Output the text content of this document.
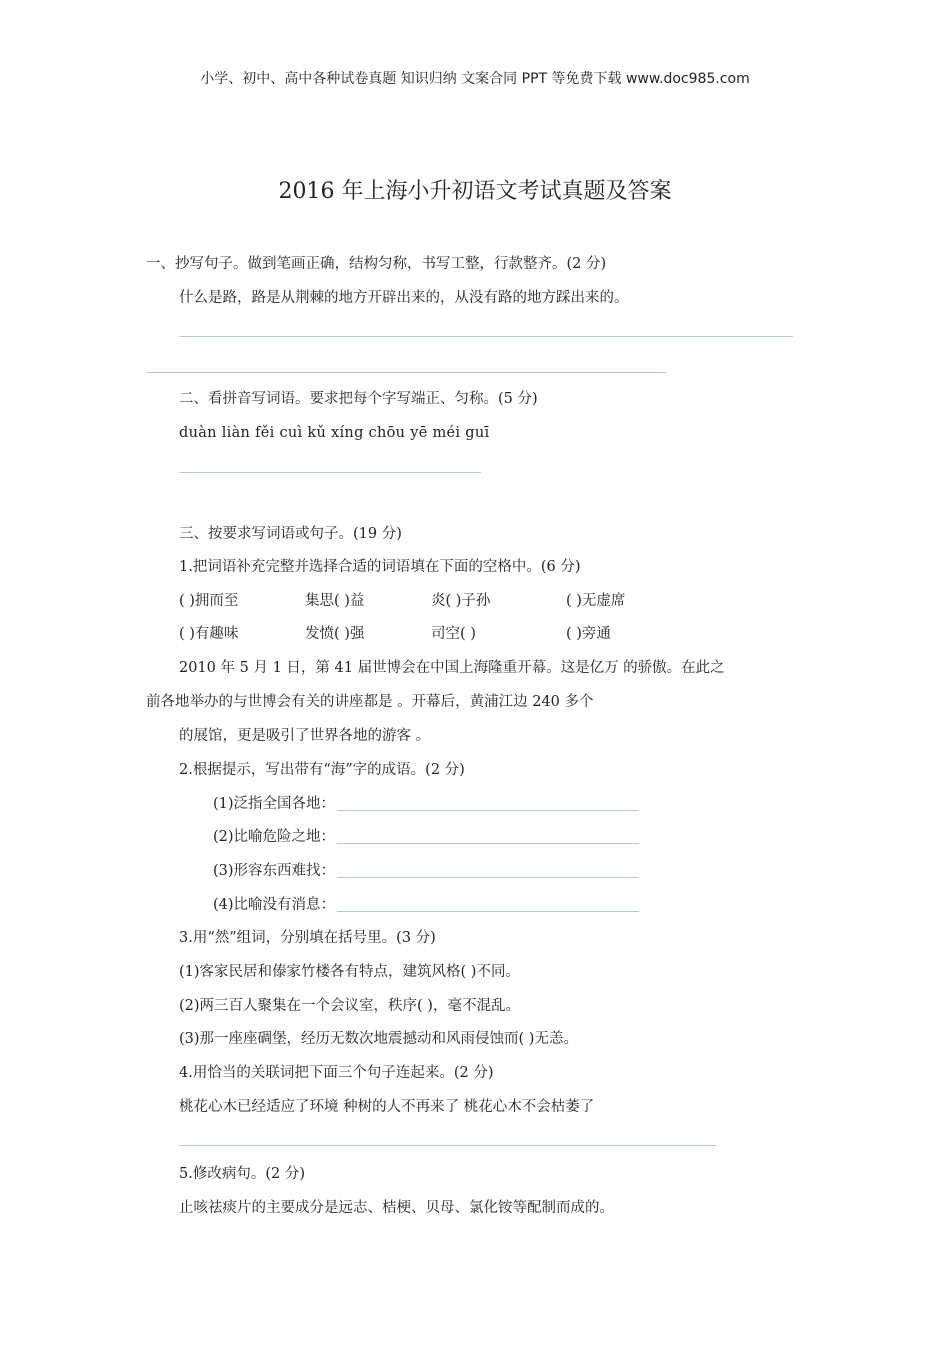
小学、初中、高中各种试卷真题 知识归纳 文案合同 PPT 等免费下载 www.doc985.com
2016 年上海小升初语文考试真题及答案
一、抄写句子。做到笔画正确，结构匀称，书写工整，行款整齐。(2 分)
什么是路，路是从荆棘的地方开辟出来的，从没有路的地方踩出来的。
二、看拼音写词语。要求把每个字写端正、匀称。(5 分)
duàn liàn fěi cuì kǔ xíng chōu yē méi guī
三、按要求写词语或句子。(19 分)
1.把词语补充完整并选择合适的词语填在下面的空格中。(6 分)
( )拥而至	集思( )益	炎( )子孙	( )无虚席
( )有趣味	发愤( )强	司空( )	( )旁通
2010 年 5 月 1 日，第 41 届世博会在中国上海隆重开幕。这是亿万 的骄傲。在此之
前各地举办的与世博会有关的讲座都是 。开幕后，黄浦江边 240 多个
的展馆，更是吸引了世界各地的游客 。
2.根据提示，写出带有“海”字的成语。(2 分)
(1)泛指全国各地：
(2)比喻危险之地：
(3)形容东西难找：
(4)比喻没有消息：
3.用“然”组词，分别填在括号里。(3 分)
(1)客家民居和傣家竹楼各有特点，建筑风格( )不同。
(2)两三百人聚集在一个会议室，秩序( )，毫不混乱。
(3)那一座座碉堡，经历无数次地震撼动和风雨侵蚀而( )无恙。
4.用恰当的关联词把下面三个句子连起来。(2 分)
桃花心木已经适应了环境 种树的人不再来了 桃花心木不会枯萎了
5.修改病句。(2 分)
止咳祛痰片的主要成分是远志、桔梗、贝母、氯化铵等配制而成的。
